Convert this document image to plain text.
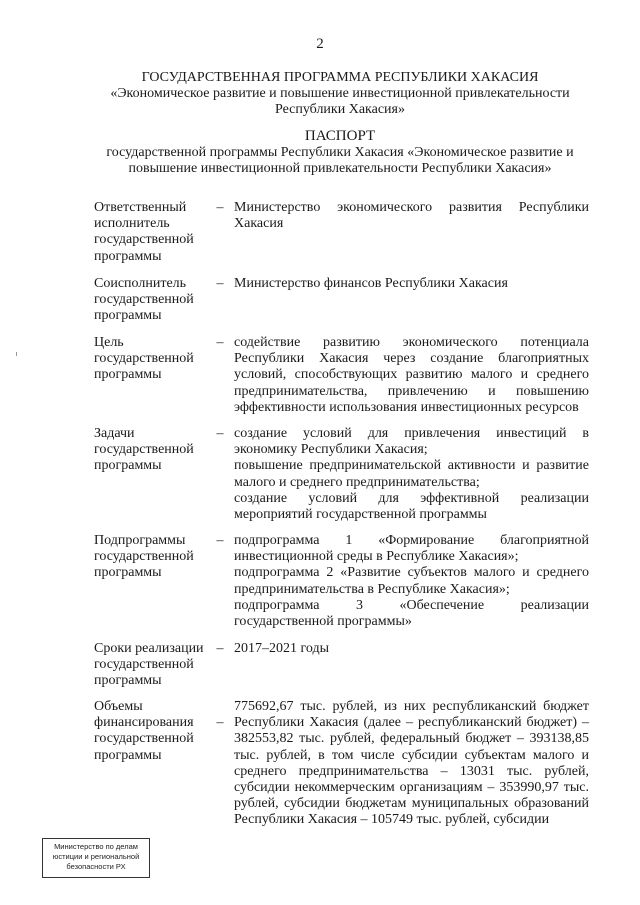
2
ГОСУДАРСТВЕННАЯ ПРОГРАММА РЕСПУБЛИКИ ХАКАСИЯ
«Экономическое развитие и повышение инвестиционной привлекательности
Республики Хакасия»
ПАСПОРТ
государственной программы Республики Хакасия «Экономическое развитие и
повышение инвестиционной привлекательности Республики Хакасия»
Ответственный
исполнитель
государственной
программы
– Министерство экономического развития Республики Хакасия

Соисполнитель
государственной
программы
– Министерство финансов Республики Хакасия

Цель
государственной
программы
– содействие развитию экономического потенциала Республики Хакасия через создание благоприятных условий, способствующих развитию малого и среднего предпринимательства, привлечению и повышению эффективности использования инвестиционных ресурсов

Задачи
государственной
программы
– создание условий для привлечения инвестиций в экономику Республики Хакасия;

повышение предпринимательской активности и развитие малого и среднего предпринимательства;

создание условий для эффективной реализации мероприятий государственной программы

Подпрограммы
государственной
программы
– подпрограмма 1 «Формирование благоприятной инвестиционной среды в Республике Хакасия»;

подпрограмма 2 «Развитие субъектов малого и среднего предпринимательства в Республике Хакасия»;

подпрограмма 3 «Обеспечение реализации государственной программы»

Сроки реализации
государственной
программы
– 2017–2021 годы

Объемы
финансирования
государственной
программы
–

775692,67 тыс. рублей, из них республиканский бюджет Республики Хакасия (далее – республиканский бюджет) – 382553,82 тыс. рублей, федеральный бюджет – 393138,85 тыс. рублей, в том числе субсидии субъектам малого и среднего предпринимательства – 13031 тыс. рублей, субсидии некоммерческим организациям – 353990,97 тыс. рублей, субсидии бюджетам муниципальных образований Республики Хакасия – 105749 тыс. рублей, субсидии

Министерство по делам
юстиции и региональной
безопасности РХ
